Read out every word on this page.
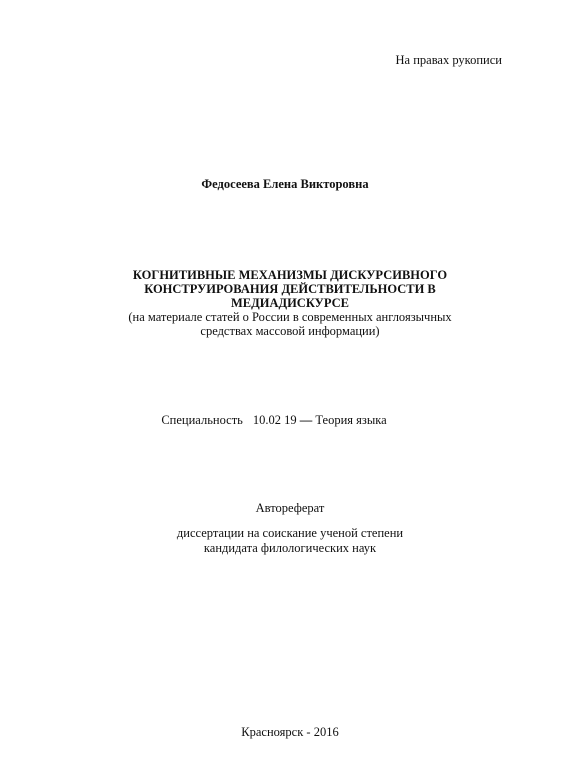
На правах рукописи
Федосеева Елена Викторовна
КОГНИТИВНЫЕ МЕХАНИЗМЫ ДИСКУРСИВНОГО
КОНСТРУИРОВАНИЯ ДЕЙСТВИТЕЛЬНОСТИ В
МЕДИАДИСКУРСЕ
(на материале статей о России в современных англоязычных
средствах массовой информации)
Специальность 10.02 19 — Теория языка
Автореферат
диссертации на соискание ученой степени
кандидата филологических наук
Красноярск - 2016
